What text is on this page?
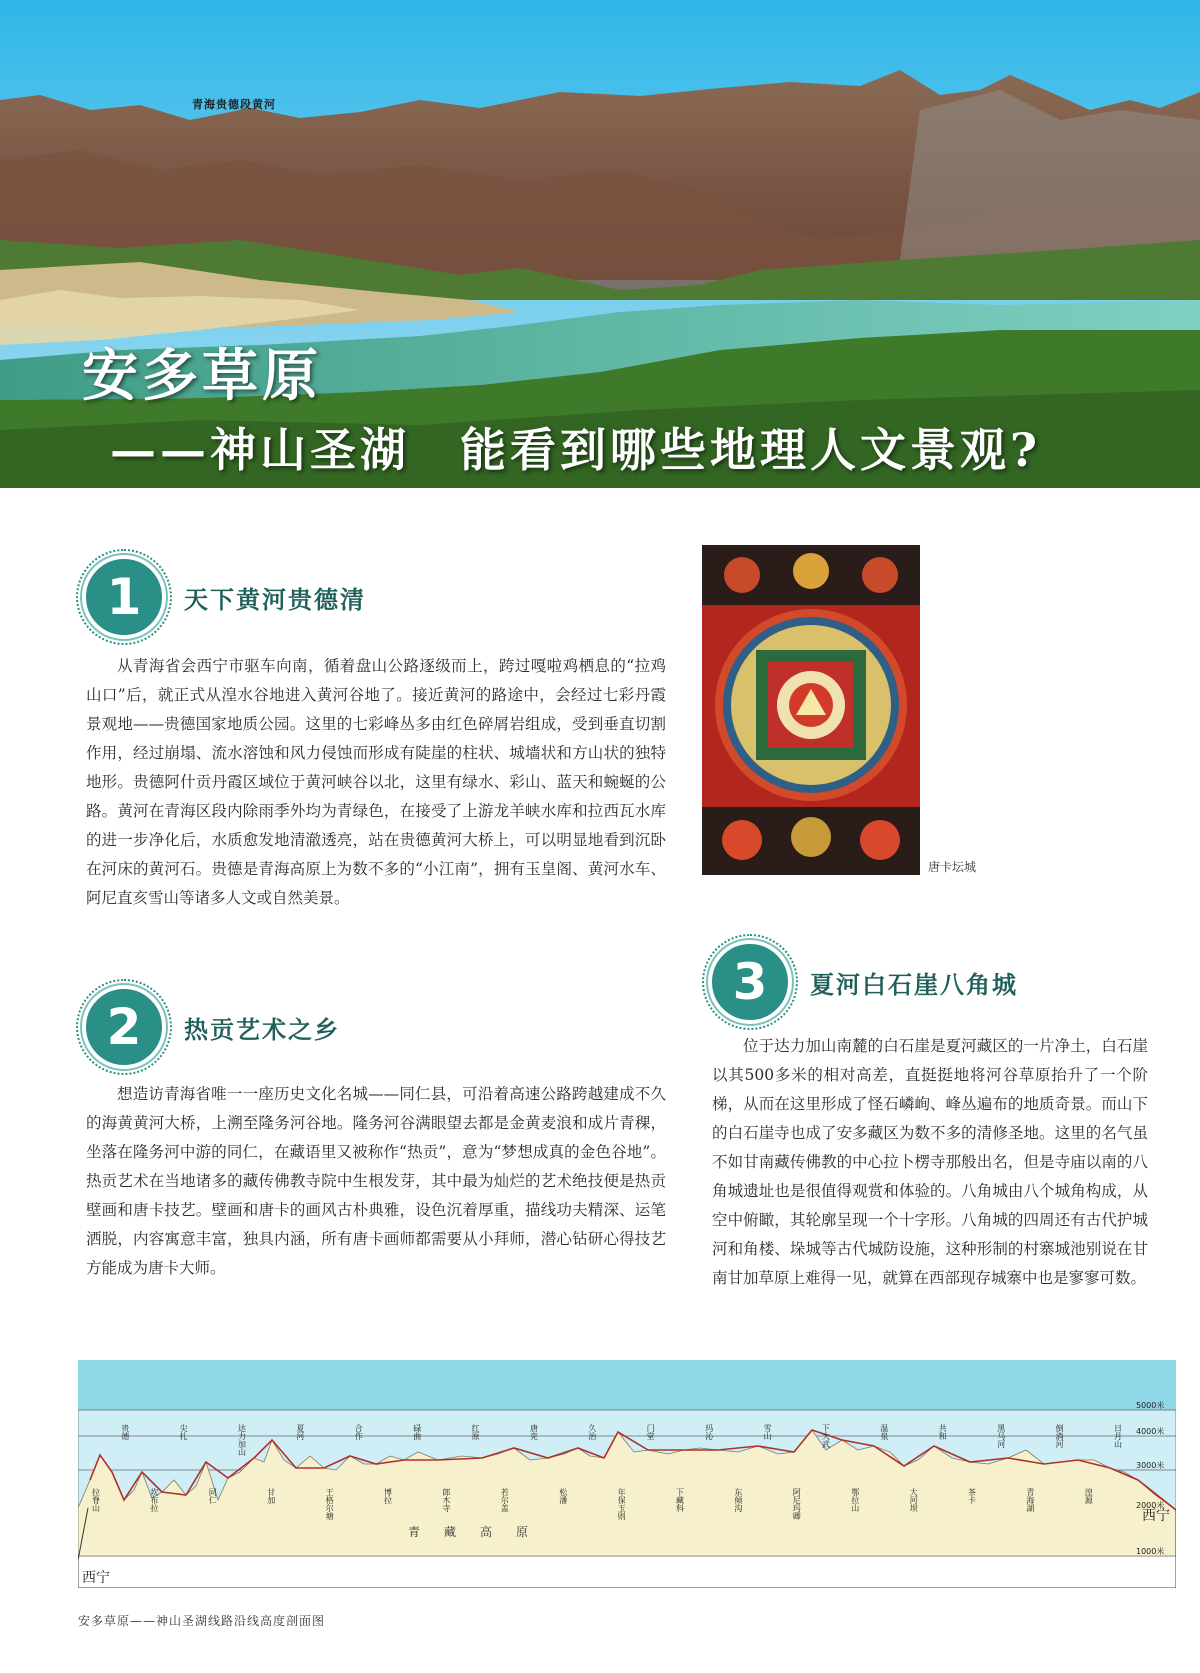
青海贵德段黄河
安多草原
——神山圣湖　能看到哪些地理人文景观?
1	天下黄河贵德清

从青海省会西宁市驱车向南，循着盘山公路逐级而上，跨过嘎啦鸡栖息的“拉鸡山口”后，就正式从湟水谷地进入黄河谷地了。接近黄河的路途中，会经过七彩丹霞景观地——贵德国家地质公园。这里的七彩峰丛多由红色碎屑岩组成，受到垂直切割作用，经过崩塌、流水溶蚀和风力侵蚀而形成有陡崖的柱状、城墙状和方山状的独特地形。贵德阿什贡丹霞区域位于黄河峡谷以北，这里有绿水、彩山、蓝天和蜿蜒的公路。黄河在青海区段内除雨季外均为青绿色，在接受了上游龙羊峡水库和拉西瓦水库的进一步净化后，水质愈发地清澈透亮，站在贵德黄河大桥上，可以明显地看到沉卧在河床的黄河石。贵德是青海高原上为数不多的“小江南”，拥有玉皇阁、黄河水车、阿尼直亥雪山等诸多人文或自然美景。

2	热贡艺术之乡

想造访青海省唯一一座历史文化名城——同仁县，可沿着高速公路跨越建成不久的海黄黄河大桥，上溯至隆务河谷地。隆务河谷满眼望去都是金黄麦浪和成片青稞，坐落在隆务河中游的同仁，在藏语里又被称作“热贡”，意为“梦想成真的金色谷地”。热贡艺术在当地诸多的藏传佛教寺院中生根发芽，其中最为灿烂的艺术绝技便是热贡壁画和唐卡技艺。壁画和唐卡的画风古朴典雅，设色沉着厚重，描线功夫精深、运笔洒脱，内容寓意丰富，独具内涵，所有唐卡画师都需要从小拜师，潜心钻研心得技艺方能成为唐卡大师。

唐卡坛城
3	夏河白石崖八角城

位于达力加山南麓的白石崖是夏河藏区的一片净土，白石崖以其500多米的相对高差，直挺挺地将河谷草原抬升了一个阶梯，从而在这里形成了怪石嶙峋、峰丛遍布的地质奇景。而山下的白石崖寺也成了安多藏区为数不多的清修圣地。这里的名气虽不如甘南藏传佛教的中心拉卜楞寺那般出名，但是寺庙以南的八角城遗址也是很值得观赏和体验的。八角城由八个城角构成，从空中俯瞰，其轮廓呈现一个十字形。八角城的四周还有古代护城河和角楼、垛城等古代城防设施，这种形制的村寨城池别说在甘南甘加草原上难得一见，就算在西部现存城寨中也是寥寥可数。

西宁
西宁
青　　藏　　高　　原
5000米
4000米
3000米
2000米
1000米
拉脊山
贵德
坎布拉
尖扎
同仁
达力加山
甘加
夏河
王格尔塘
合作
博拉
碌曲
郎木寺
红原
若尔盖
唐克
松潘
久治
年保玉则
门堂
下藏科
玛沁
东倾沟
雪山
阿尼玛卿
下大武
鄂拉山
温泉
大河坝
共和
茶卡
黑马河
青海湖
倒淌河
湟源
日月山
安多草原——神山圣湖线路沿线高度剖面图
